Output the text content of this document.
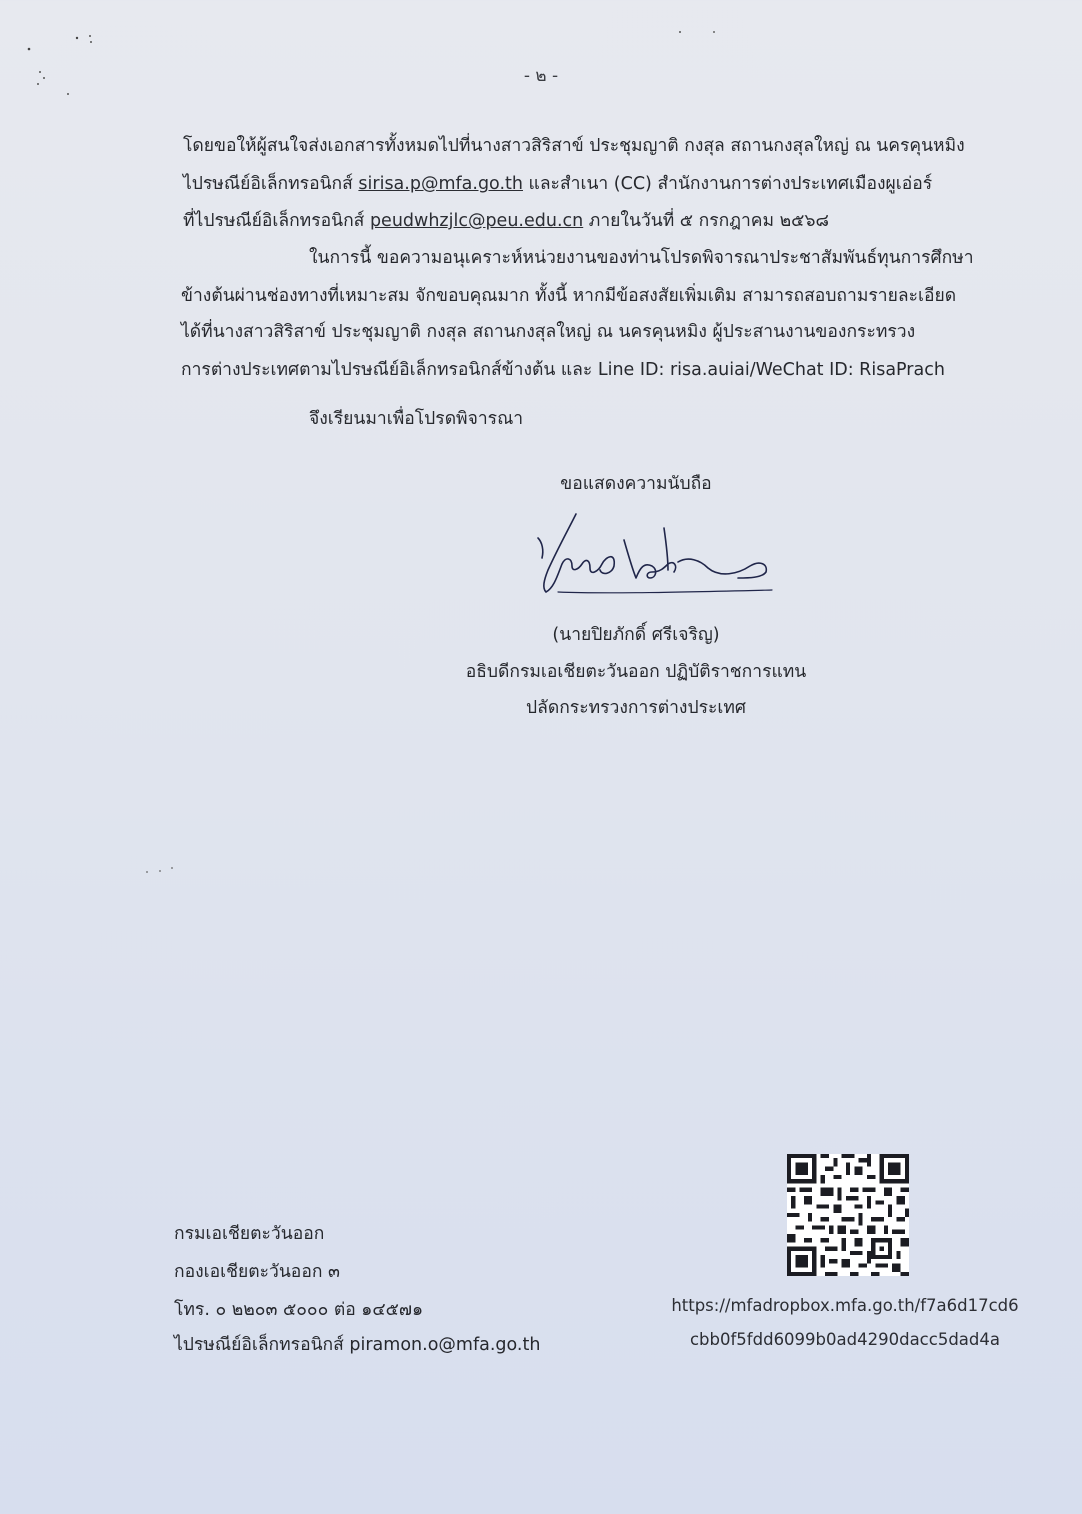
- ๒ -
โดยขอให้ผู้สนใจส่งเอกสารทั้งหมดไปที่นางสาวสิริสาข์ ประชุมญาติ กงสุล สถานกงสุลใหญ่ ณ นครคุนหมิง
ไปรษณีย์อิเล็กทรอนิกส์ sirisa.p@mfa.go.th และสำเนา (CC) สำนักงานการต่างประเทศเมืองผูเอ่อร์
ที่ไปรษณีย์อิเล็กทรอนิกส์ peudwhzjlc@peu.edu.cn ภายในวันที่ ๕ กรกฎาคม ๒๕๖๘
ในการนี้ ขอความอนุเคราะห์หน่วยงานของท่านโปรดพิจารณาประชาสัมพันธ์ทุนการศึกษา
ข้างต้นผ่านช่องทางที่เหมาะสม จักขอบคุณมาก ทั้งนี้ หากมีข้อสงสัยเพิ่มเติม สามารถสอบถามรายละเอียด
ได้ที่นางสาวสิริสาข์ ประชุมญาติ กงสุล สถานกงสุลใหญ่ ณ นครคุนหมิง ผู้ประสานงานของกระทรวง
การต่างประเทศตามไปรษณีย์อิเล็กทรอนิกส์ข้างต้น และ Line ID: risa.auiai/WeChat ID: RisaPrach
จึงเรียนมาเพื่อโปรดพิจารณา
ขอแสดงความนับถือ
(นายปิยภักดิ์ ศรีเจริญ)
อธิบดีกรมเอเชียตะวันออก ปฏิบัติราชการแทน
ปลัดกระทรวงการต่างประเทศ
กรมเอเชียตะวันออก
กองเอเชียตะวันออก ๓
โทร. ๐ ๒๒๐๓ ๕๐๐๐ ต่อ ๑๔๕๗๑
ไปรษณีย์อิเล็กทรอนิกส์ piramon.o@mfa.go.th
https://mfadropbox.mfa.go.th/f7a6d17cd6
cbb0f5fdd6099b0ad4290dacc5dad4a
